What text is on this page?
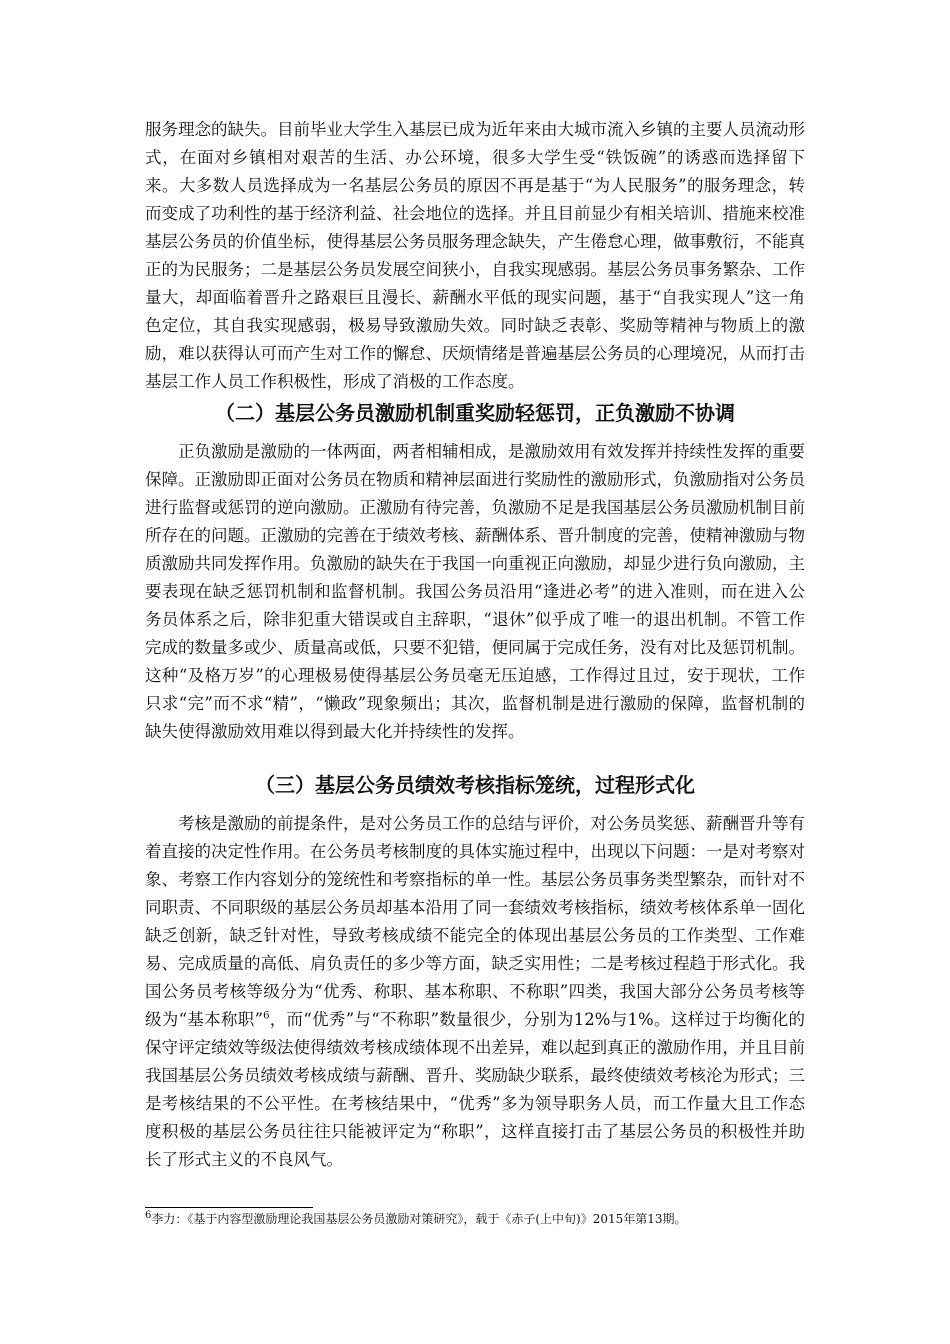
服务理念的缺失。目前毕业大学生入基层已成为近年来由大城市流入乡镇的主要人员流动形式，在面对乡镇相对艰苦的生活、办公环境，很多大学生受“铁饭碗”的诱惑而选择留下来。大多数人员选择成为一名基层公务员的原因不再是基于“为人民服务”的服务理念，转而变成了功利性的基于经济利益、社会地位的选择。并且目前显少有相关培训、措施来校准基层公务员的价值坐标，使得基层公务员服务理念缺失，产生倦怠心理，做事敷衍，不能真正的为民服务；二是基层公务员发展空间狭小，自我实现感弱。基层公务员事务繁杂、工作量大，却面临着晋升之路艰巨且漫长、薪酬水平低的现实问题，基于“自我实现人”这一角色定位，其自我实现感弱，极易导致激励失效。同时缺乏表彰、奖励等精神与物质上的激励，难以获得认可而产生对工作的懈怠、厌烦情绪是普遍基层公务员的心理境况，从而打击基层工作人员工作积极性，形成了消极的工作态度。

（二）基层公务员激励机制重奖励轻惩罚，正负激励不协调

正负激励是激励的一体两面，两者相辅相成，是激励效用有效发挥并持续性发挥的重要保障。正激励即正面对公务员在物质和精神层面进行奖励性的激励形式，负激励指对公务员进行监督或惩罚的逆向激励。正激励有待完善，负激励不足是我国基层公务员激励机制目前所存在的问题。正激励的完善在于绩效考核、薪酬体系、晋升制度的完善，使精神激励与物质激励共同发挥作用。负激励的缺失在于我国一向重视正向激励，却显少进行负向激励，主要表现在缺乏惩罚机制和监督机制。我国公务员沿用“逢进必考”的进入准则，而在进入公务员体系之后，除非犯重大错误或自主辞职，“退休”似乎成了唯一的退出机制。不管工作完成的数量多或少、质量高或低，只要不犯错，便同属于完成任务，没有对比及惩罚机制。这种“及格万岁”的心理极易使得基层公务员毫无压迫感，工作得过且过，安于现状，工作只求“完”而不求“精”，“懒政”现象频出；其次，监督机制是进行激励的保障，监督机制的缺失使得激励效用难以得到最大化并持续性的发挥。

（三）基层公务员绩效考核指标笼统，过程形式化

考核是激励的前提条件，是对公务员工作的总结与评价，对公务员奖惩、薪酬晋升等有着直接的决定性作用。在公务员考核制度的具体实施过程中，出现以下问题：一是对考察对象、考察工作内容划分的笼统性和考察指标的单一性。基层公务员事务类型繁杂，而针对不同职责、不同职级的基层公务员却基本沿用了同一套绩效考核指标，绩效考核体系单一固化缺乏创新，缺乏针对性，导致考核成绩不能完全的体现出基层公务员的工作类型、工作难易、完成质量的高低、肩负责任的多少等方面，缺乏实用性；二是考核过程趋于形式化。我国公务员考核等级分为“优秀、称职、基本称职、不称职”四类，我国大部分公务员考核等级为“基本称职”$^6$，而“优秀”与“不称职”数量很少，分别为12%与1%。这样过于均衡化的保守评定绩效等级法使得绩效考核成绩体现不出差异，难以起到真正的激励作用，并且目前我国基层公务员绩效考核成绩与薪酬、晋升、奖励缺少联系，最终使绩效考核沦为形式；三是考核结果的不公平性。在考核结果中，“优秀”多为领导职务人员，而工作量大且工作态度积极的基层公务员往往只能被评定为“称职”，这样直接打击了基层公务员的积极性并助长了形式主义的不良风气。

$^6$李力：《基于内容型激励理论我国基层公务员激励对策研究》，载于《赤子(上中旬)》2015年第13期。
